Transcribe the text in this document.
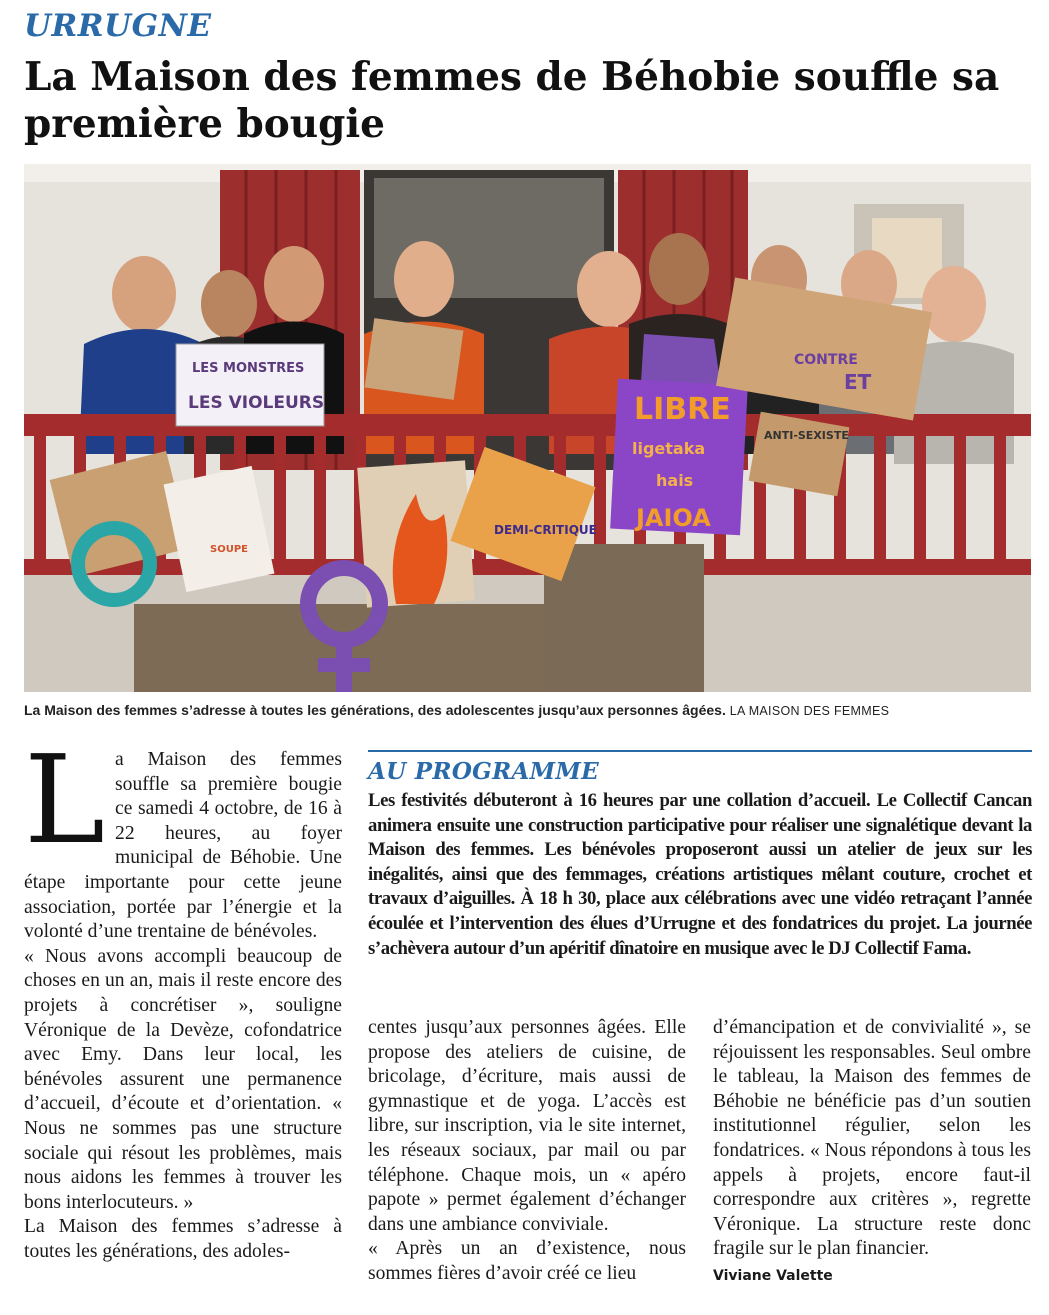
URRUGNE
La Maison des femmes de Béhobie souffle sa première bougie
LES MONSTRES
LES VIOLEURS	LIBRE
ligetaka
hais
JAIOA
ET
CONTRE
ANTI-SEXISTE
SOUPE
DEMI-CRITIQUE
La Maison des femmes s’adresse à toutes les générations, des adolescentes jusqu’aux personnes âgées. LA MAISON DES FEMMES
L a Maison des femmes souffle sa première bougie ce samedi 4 octobre, de 16 à 22 heures, au foyer municipal de Béhobie. Une étape importante pour cette jeune association, portée par l’énergie et la volonté d’une trentaine de bénévoles.

« Nous avons accompli beaucoup de choses en un an, mais il reste encore des projets à concrétiser », souligne Véronique de la Devèze, cofondatrice avec Emy. Dans leur local, les bénévoles assurent une permanence d’accueil, d’écoute et d’orientation. « Nous ne sommes pas une structure sociale qui résout les problèmes, mais nous aidons les femmes à trouver les bons interlocuteurs. »

La Maison des femmes s’adresse à toutes les générations, des adoles-

AU PROGRAMME

Les festivités débuteront à 16 heures par une collation d’accueil. Le Collectif Cancan animera ensuite une construction participative pour réaliser une signalétique devant la Maison des femmes. Les bénévoles proposeront aussi un atelier de jeux sur les inégalités, ainsi que des femmages, créations artistiques mêlant couture, crochet et travaux d’aiguilles. À 18 h 30, place aux célébrations avec une vidéo retraçant l’année écoulée et l’intervention des élues d’Urrugne et des fondatrices du projet. La journée s’achèvera autour d’un apéritif dînatoire en musique avec le DJ Collectif Fama.

centes jusqu’aux personnes âgées. Elle propose des ateliers de cuisine, de bricolage, d’écriture, mais aussi de gymnastique et de yoga. L’accès est libre, sur inscription, via le site internet, les réseaux sociaux, par mail ou par téléphone. Chaque mois, un « apéro papote » permet également d’échanger dans une ambiance conviviale.

« Après un an d’existence, nous sommes fières d’avoir créé ce lieu

d’émancipation et de convivialité », se réjouissent les responsables. Seul ombre le tableau, la Maison des femmes de Béhobie ne bénéficie pas d’un soutien institutionnel régulier, selon les fondatrices. « Nous répondons à tous les appels à projets, encore faut-il correspondre aux critères », regrette Véronique. La structure reste donc fragile sur le plan financier.

Viviane Valette
